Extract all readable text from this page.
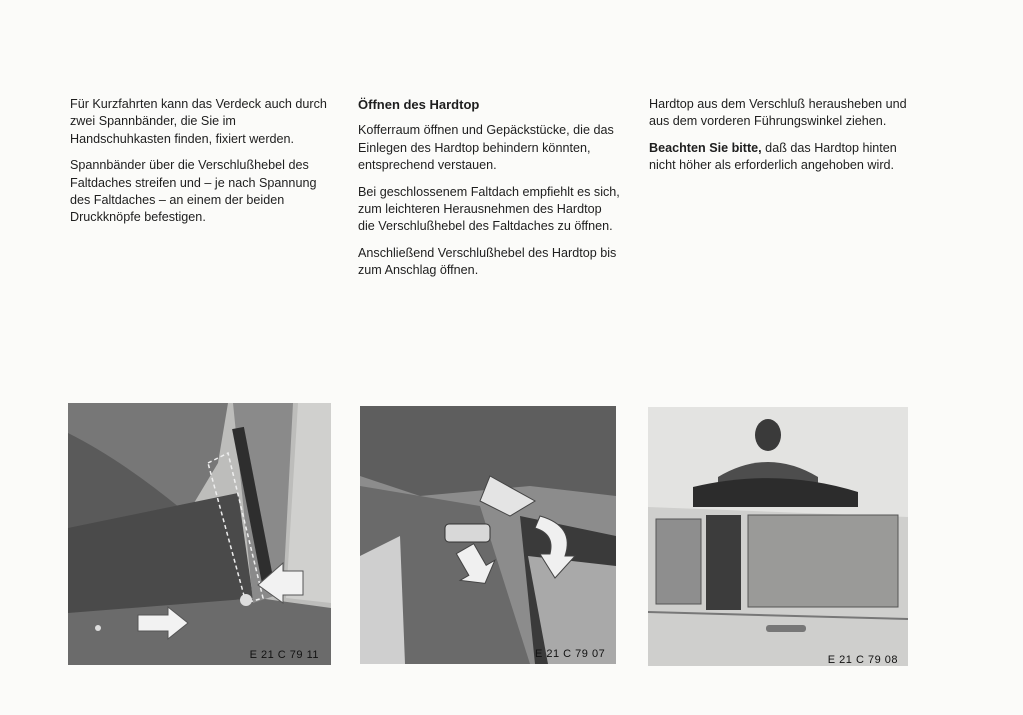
Für Kurzfahrten kann das Verdeck auch durch zwei Spannbänder, die Sie im Handschuhkasten finden, fixiert werden.

Spannbänder über die Verschlußhebel des Faltdaches streifen und – je nach Spannung des Faltdaches – an einem der beiden Druckknöpfe befestigen.

Öffnen des Hardtop

Kofferraum öffnen und Gepäckstücke, die das Einlegen des Hardtop behindern könnten, entsprechend verstauen.

Bei geschlossenem Faltdach empfiehlt es sich, zum leichteren Herausnehmen des Hardtop die Verschlußhebel des Faltdaches zu öffnen.

Anschließend Verschlußhebel des Hardtop bis zum Anschlag öffnen.

Hardtop aus dem Verschluß herausheben und aus dem vorderen Führungswinkel ziehen.

Beachten Sie bitte, daß das Hardtop hinten nicht höher als erforderlich angehoben wird.

E 21 C 79 11	E 21 C 79 07	E 21 C 79 08
